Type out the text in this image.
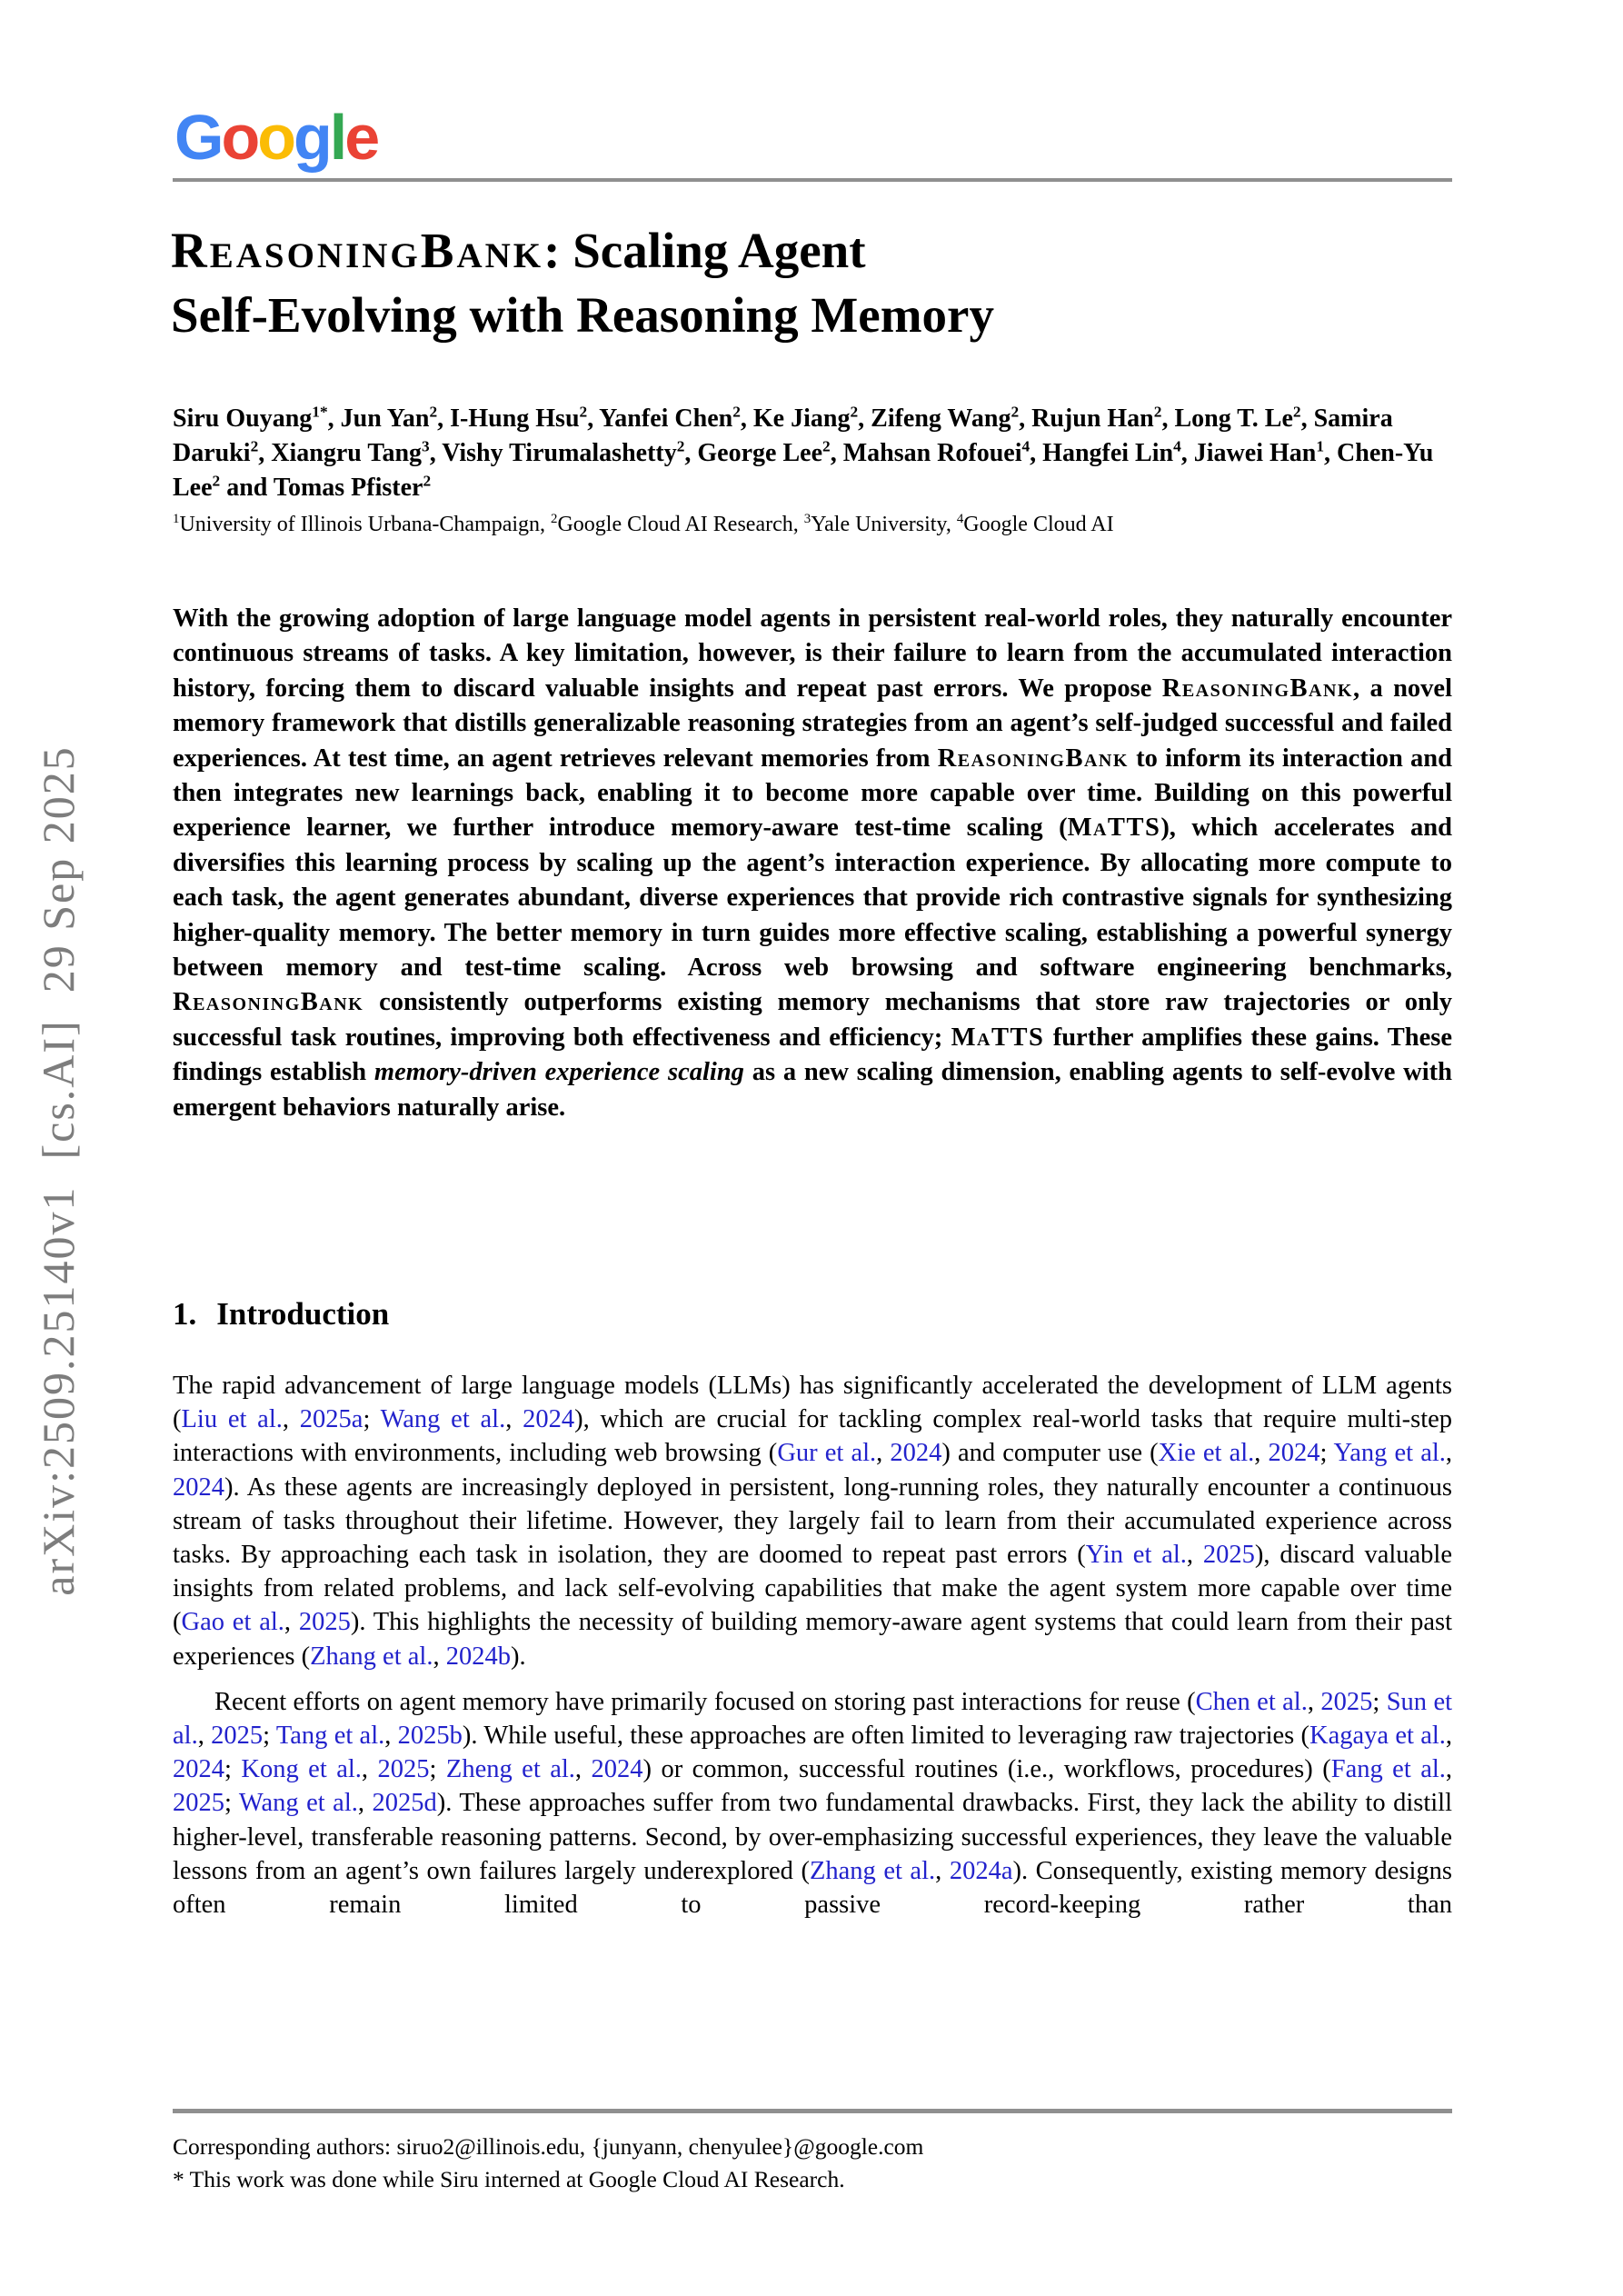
arXiv:2509.25140v1  [cs.AI]  29 Sep 2025
Google
ReasoningBank: Scaling Agent
Self-Evolving with Reasoning Memory
Siru Ouyang$^{1*}$, Jun Yan$^2$, I-Hung Hsu$^2$, Yanfei Chen$^2$, Ke Jiang$^2$, Zifeng Wang$^2$, Rujun Han$^2$, Long T. Le$^2$, Samira Daruki$^2$, Xiangru Tang$^3$, Vishy Tirumalashetty$^2$, George Lee$^2$, Mahsan Rofouei$^4$, Hangfei Lin$^4$, Jiawei Han$^1$, Chen-Yu Lee$^2$ and Tomas Pfister$^2$
$^1$University of Illinois Urbana-Champaign, $^2$Google Cloud AI Research, $^3$Yale University, $^4$Google Cloud AI
With the growing adoption of large language model agents in persistent real-world roles, they naturally encounter continuous streams of tasks. A key limitation, however, is their failure to learn from the accumulated interaction history, forcing them to discard valuable insights and repeat past errors. We propose ReasoningBank, a novel memory framework that distills generalizable reasoning strategies from an agent’s self-judged successful and failed experiences. At test time, an agent retrieves relevant memories from ReasoningBank to inform its interaction and then integrates new learnings back, enabling it to become more capable over time. Building on this powerful experience learner, we further introduce memory-aware test-time scaling (MaTTS), which accelerates and diversifies this learning process by scaling up the agent’s interaction experience. By allocating more compute to each task, the agent generates abundant, diverse experiences that provide rich contrastive signals for synthesizing higher-quality memory. The better memory in turn guides more effective scaling, establishing a powerful synergy between memory and test-time scaling. Across web browsing and software engineering benchmarks, ReasoningBank consistently outperforms existing memory mechanisms that store raw trajectories or only successful task routines, improving both effectiveness and efficiency; MaTTS further amplifies these gains. These findings establish memory-driven experience scaling as a new scaling dimension, enabling agents to self-evolve with emergent behaviors naturally arise.
1. Introduction

The rapid advancement of large language models (LLMs) has significantly accelerated the development of LLM agents (Liu et al., 2025a; Wang et al., 2024), which are crucial for tackling complex real-world tasks that require multi-step interactions with environments, including web browsing (Gur et al., 2024) and computer use (Xie et al., 2024; Yang et al., 2024). As these agents are increasingly deployed in persistent, long-running roles, they naturally encounter a continuous stream of tasks throughout their lifetime. However, they largely fail to learn from their accumulated experience across tasks. By approaching each task in isolation, they are doomed to repeat past errors (Yin et al., 2025), discard valuable insights from related problems, and lack self-evolving capabilities that make the agent system more capable over time (Gao et al., 2025). This highlights the necessity of building memory-aware agent systems that could learn from their past experiences (Zhang et al., 2024b).

Recent efforts on agent memory have primarily focused on storing past interactions for reuse (Chen et al., 2025; Sun et al., 2025; Tang et al., 2025b). While useful, these approaches are often limited to leveraging raw trajectories (Kagaya et al., 2024; Kong et al., 2025; Zheng et al., 2024) or common, successful routines (i.e., workflows, procedures) (Fang et al., 2025; Wang et al., 2025d). These approaches suffer from two fundamental drawbacks. First, they lack the ability to distill higher-level, transferable reasoning patterns. Second, by over-emphasizing successful experiences, they leave the valuable lessons from an agent’s own failures largely underexplored (Zhang et al., 2024a). Consequently, existing memory designs often remain limited to passive record-keeping rather than

Corresponding authors: siruo2@illinois.edu, {junyann, chenyulee}@google.com
* This work was done while Siru interned at Google Cloud AI Research.
